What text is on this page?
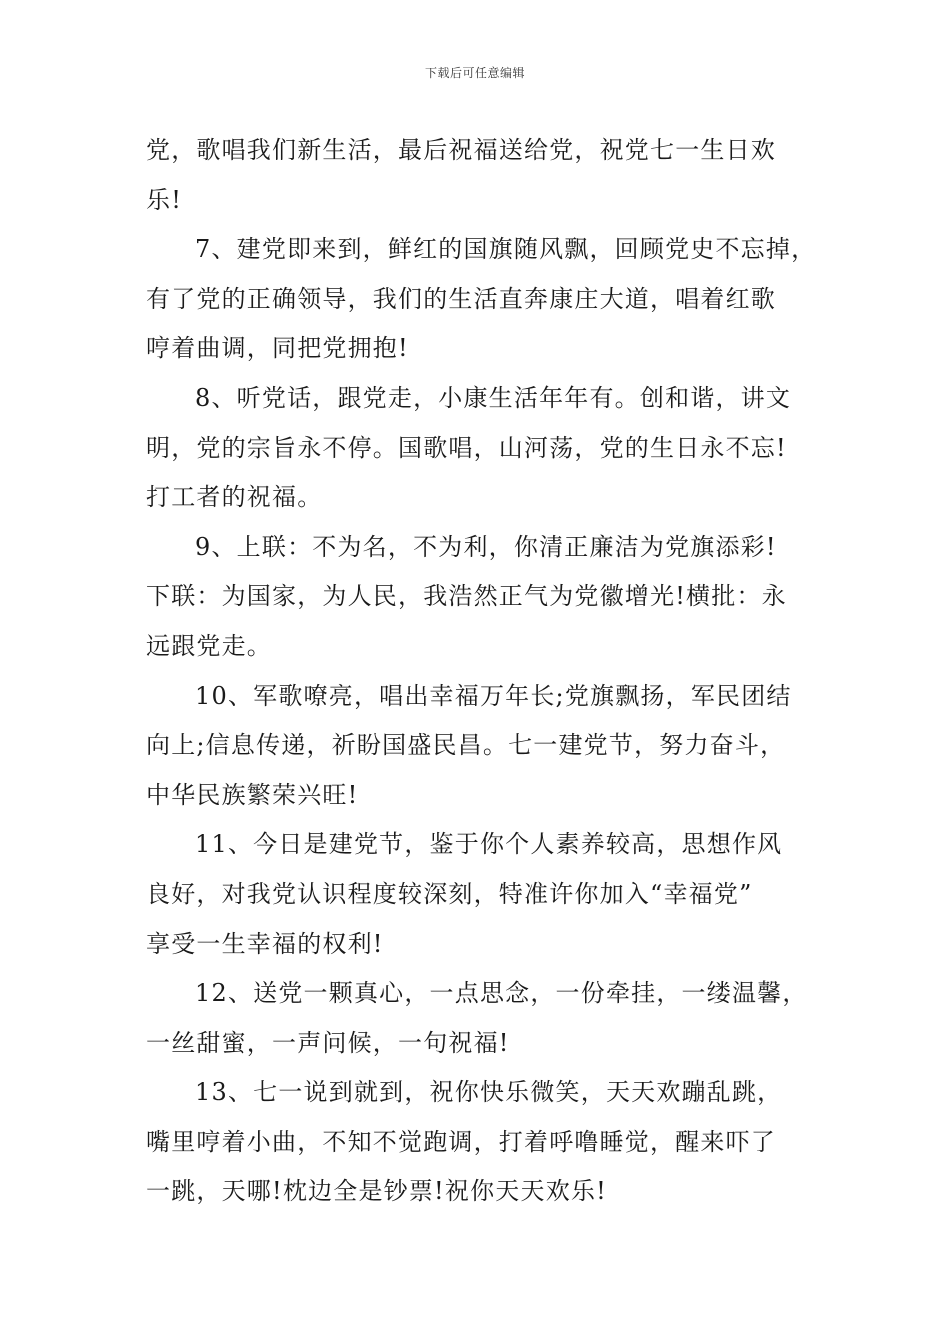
下载后可任意编辑
党，歌唱我们新生活，最后祝福送给党，祝党七一生日欢
乐!
7、建党即来到，鲜红的国旗随风飘，回顾党史不忘掉，
有了党的正确领导，我们的生活直奔康庄大道，唱着红歌
哼着曲调，同把党拥抱!
8、听党话，跟党走，小康生活年年有。创和谐，讲文
明，党的宗旨永不停。国歌唱，山河荡，党的生日永不忘!
打工者的祝福。
9、上联：不为名，不为利，你清正廉洁为党旗添彩!
下联：为国家，为人民，我浩然正气为党徽增光!横批：永
远跟党走。
10、军歌嘹亮，唱出幸福万年长;党旗飘扬，军民团结
向上;信息传递，祈盼国盛民昌。七一建党节，努力奋斗，
中华民族繁荣兴旺!
11、今日是建党节，鉴于你个人素养较高，思想作风
良好，对我党认识程度较深刻，特准许你加入“幸福党”
享受一生幸福的权利!
12、送党一颗真心，一点思念，一份牵挂，一缕温馨，
一丝甜蜜，一声问候，一句祝福!
13、七一说到就到，祝你快乐微笑，天天欢蹦乱跳，
嘴里哼着小曲，不知不觉跑调，打着呼噜睡觉，醒来吓了
一跳，天哪!枕边全是钞票!祝你天天欢乐!
